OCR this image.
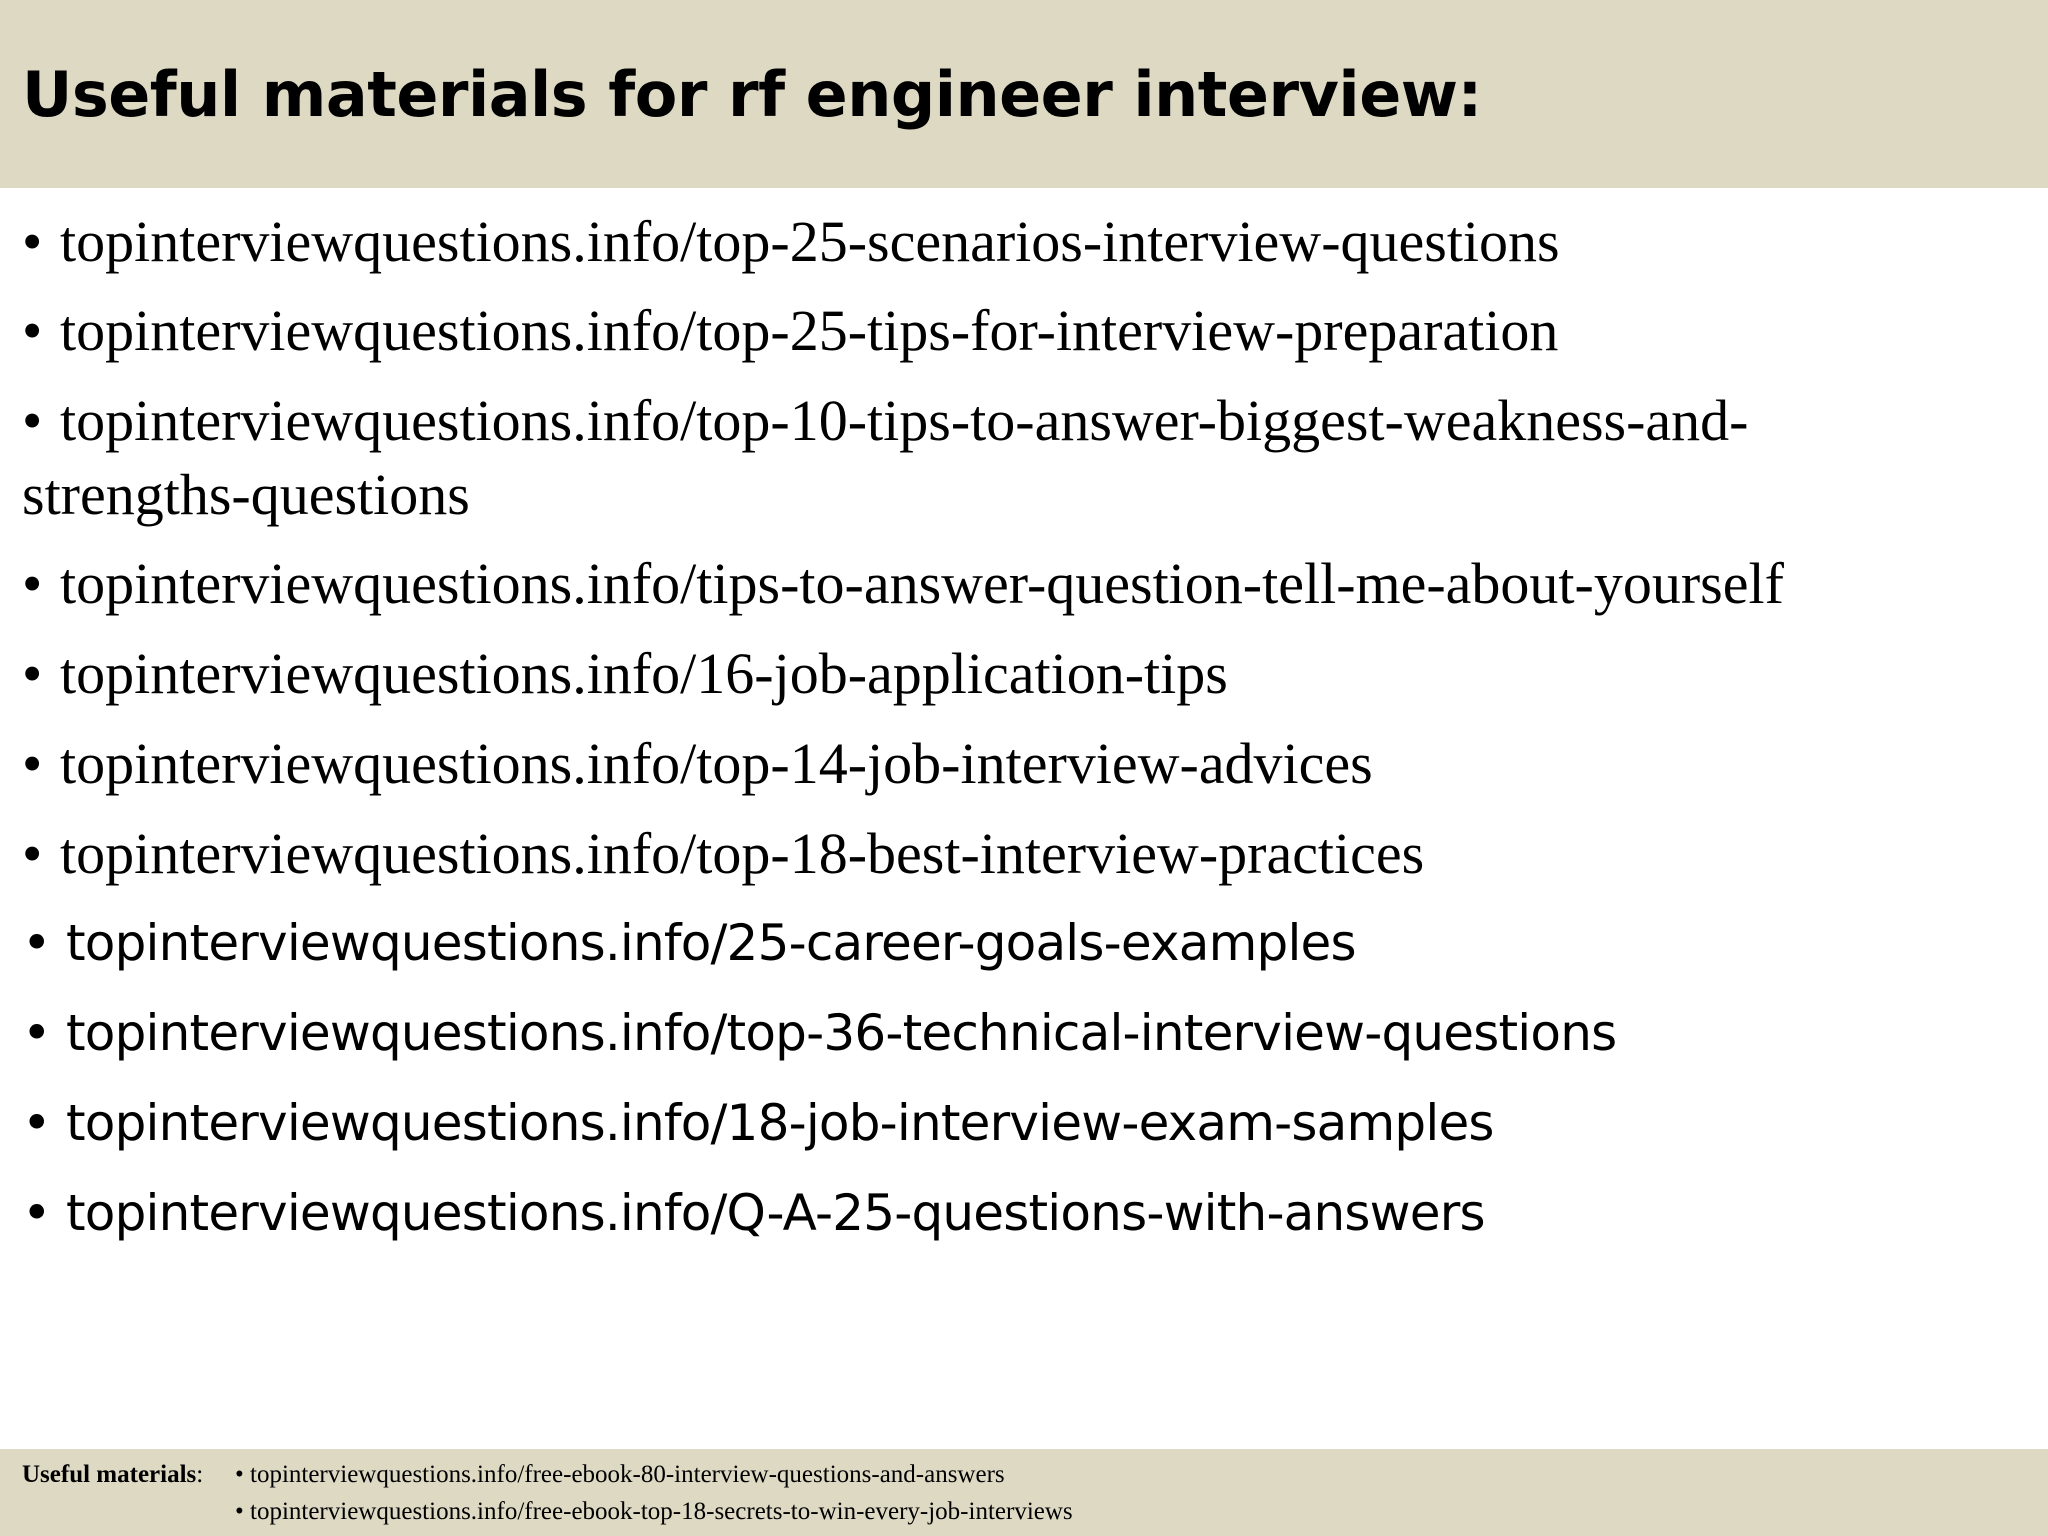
Useful materials for rf engineer interview:
• topinterviewquestions.info/top-25-scenarios-interview-questions
• topinterviewquestions.info/top-25-tips-for-interview-preparation
• topinterviewquestions.info/top-10-tips-to-answer-biggest-weakness-and-
strengths-questions
• topinterviewquestions.info/tips-to-answer-question-tell-me-about-yourself
• topinterviewquestions.info/16-job-application-tips
• topinterviewquestions.info/top-14-job-interview-advices
• topinterviewquestions.info/top-18-best-interview-practices
• topinterviewquestions.info/25-career-goals-examples
• topinterviewquestions.info/top-36-technical-interview-questions
• topinterviewquestions.info/18-job-interview-exam-samples
• topinterviewquestions.info/Q-A-25-questions-with-answers
Useful materials: • topinterviewquestions.info/free-ebook-80-interview-questions-and-answers
• topinterviewquestions.info/free-ebook-top-18-secrets-to-win-every-job-interviews
